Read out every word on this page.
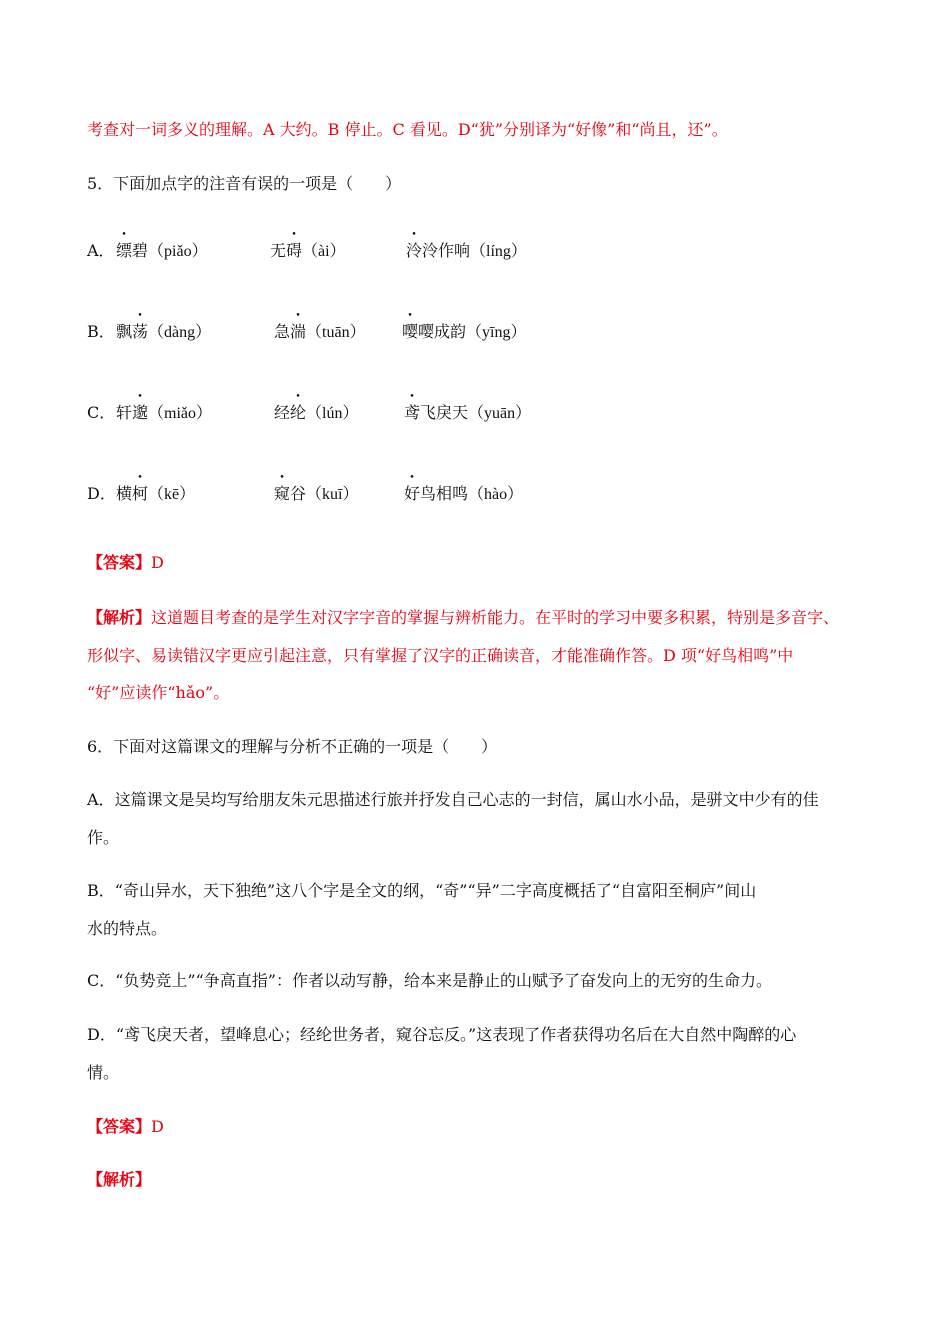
考查对一词多义的理解。A 大约。B 停止。C 看见。D“犹”分别译为“好像”和“尚且，还”。
5．下面加点字的注音有误的一项是（　　）
A． 缥碧（piǎo）	无碍（ài）	泠泠作响（líng）
B． 飘荡（dàng）	急湍（tuān） 嘤嘤成韵（yīng）
C． 轩邈（miǎo）	经纶（lún）	鸢飞戾天（yuān）
D． 横柯（kē）	窥谷（kuī）	好鸟相鸣（hào）
【答案】D
【解析】这道题目考查的是学生对汉字字音的掌握与辨析能力。在平时的学习中要多积累，特别是多音字、
形似字、易读错汉字更应引起注意，只有掌握了汉字的正确读音，才能准确作答。D 项“好鸟相鸣”中
“好”应读作“hǎo”。
6．下面对这篇课文的理解与分析不正确的一项是（　　）
A．这篇课文是吴均写给朋友朱元思描述行旅并抒发自己心志的一封信，属山水小品，是骈文中少有的佳
作。
B．“奇山异水，天下独绝”这八个字是全文的纲，“奇”“异”二字高度概括了“自富阳至桐庐”间山
水的特点。
C．“负势竞上”“争高直指”：作者以动写静，给本来是静止的山赋予了奋发向上的无穷的生命力。
D．“鸢飞戾天者，望峰息心；经纶世务者，窥谷忘反。”这表现了作者获得功名后在大自然中陶醉的心
情。
【答案】D
【解析】
